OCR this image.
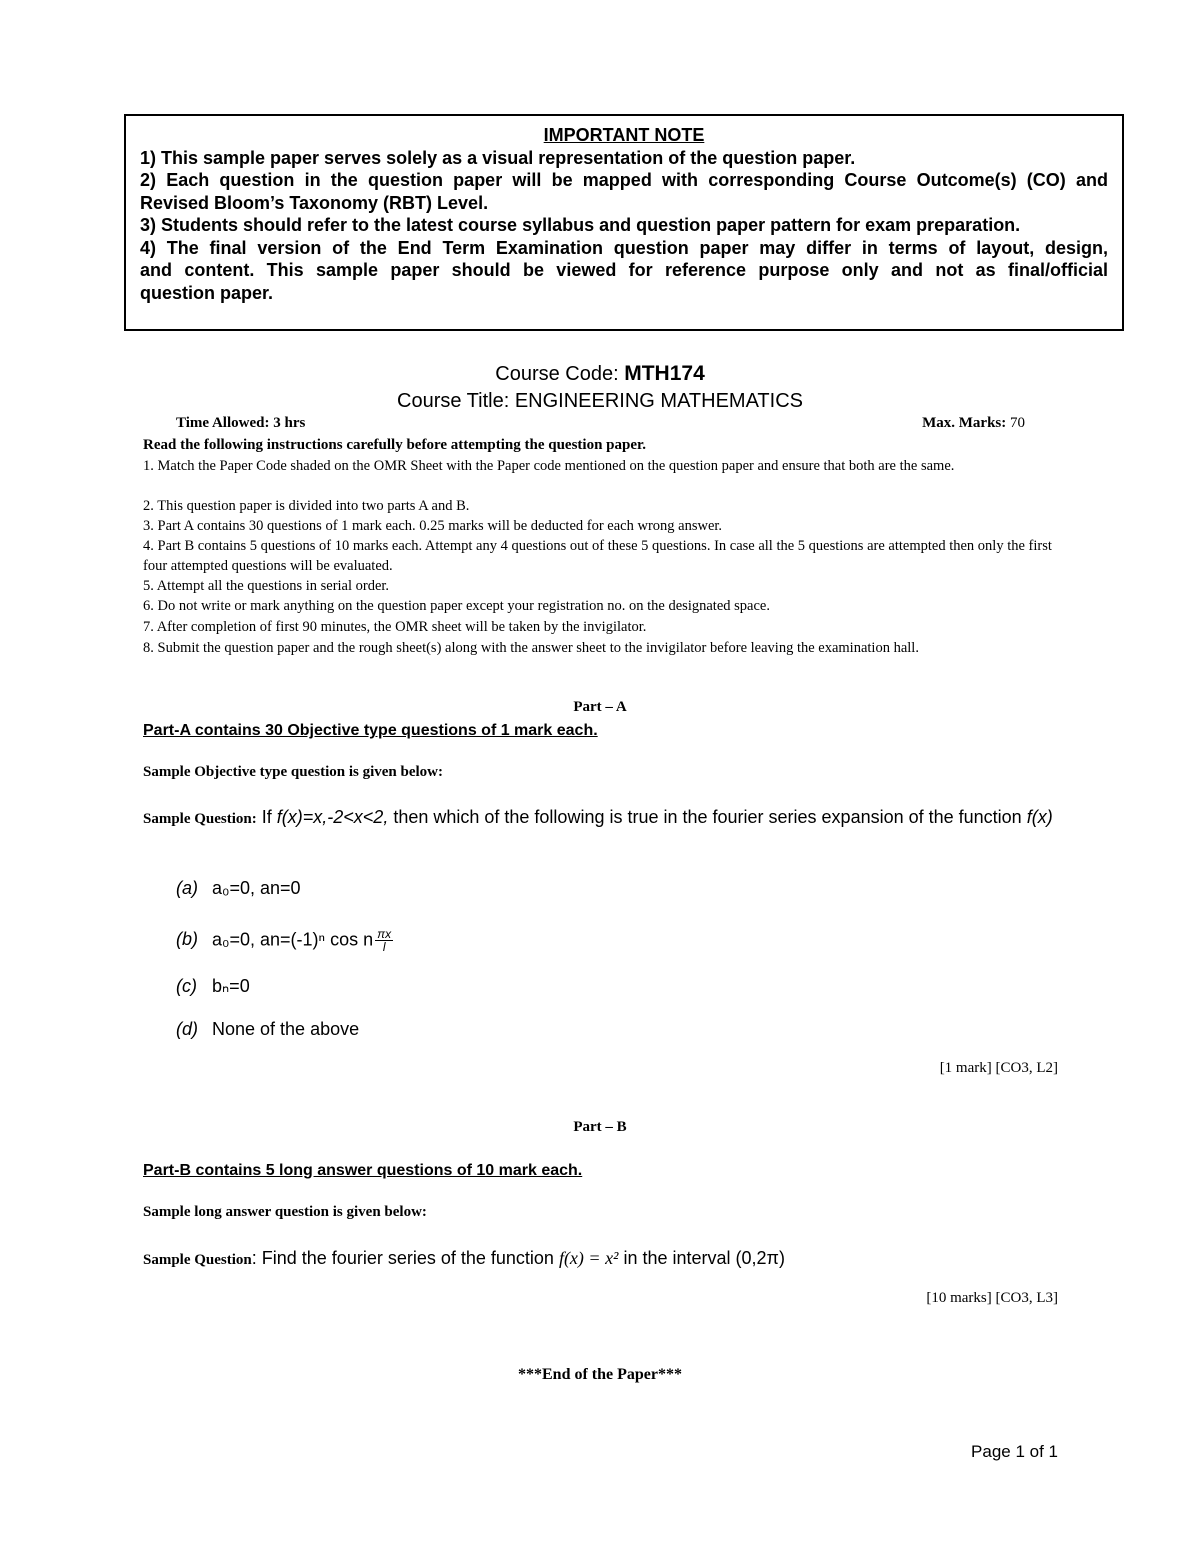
IMPORTANT NOTE
1) This sample paper serves solely as a visual representation of the question paper.
2) Each question in the question paper will be mapped with corresponding Course Outcome(s) (CO) and
Revised Bloom’s Taxonomy (RBT) Level.
3) Students should refer to the latest course syllabus and question paper pattern for exam preparation.
4) The final version of the End Term Examination question paper may differ in terms of layout, design,
and content. This sample paper should be viewed for reference purpose only and not as final/official
question paper.
Course Code: MTH174
Course Title: ENGINEERING MATHEMATICS
Time Allowed: 3 hrs	Max. Marks: 70
Read the following instructions carefully before attempting the question paper.
1. Match the Paper Code shaded on the OMR Sheet with the Paper code mentioned on the question paper and ensure that both are the same.
2. This question paper is divided into two parts A and B.
3. Part A contains 30 questions of 1 mark each. 0.25 marks will be deducted for each wrong answer.
4. Part B contains 5 questions of 10 marks each. Attempt any 4 questions out of these 5 questions. In case all the 5 questions are attempted then only the first four attempted questions will be evaluated.
5. Attempt all the questions in serial order.
6. Do not write or mark anything on the question paper except your registration no. on the designated space.
7. After completion of first 90 minutes, the OMR sheet will be taken by the invigilator.
8. Submit the question paper and the rough sheet(s) along with the answer sheet to the invigilator before leaving the examination hall.
Part – A
Part-A contains 30 Objective type questions of 1 mark each.
Sample Objective type question is given below:
Sample Question: If f(x)=x,-2<x<2, then which of the following is true in the fourier series expansion of the function f(x)
(a) a₀=0, an=0
(b) a₀=0, an=(-1)ⁿ cos n $\frac{\pi x}{l}$
(c) bₙ=0
(d) None of the above
[1 mark] [CO3, L2]
Part – B
Part-B contains 5 long answer questions of 10 mark each.
Sample long answer question is given below:
Sample Question: Find the fourier series of the function f(x) = x² in the interval (0,2π)
[10 marks] [CO3, L3]
***End of the Paper***
Page 1 of 1
